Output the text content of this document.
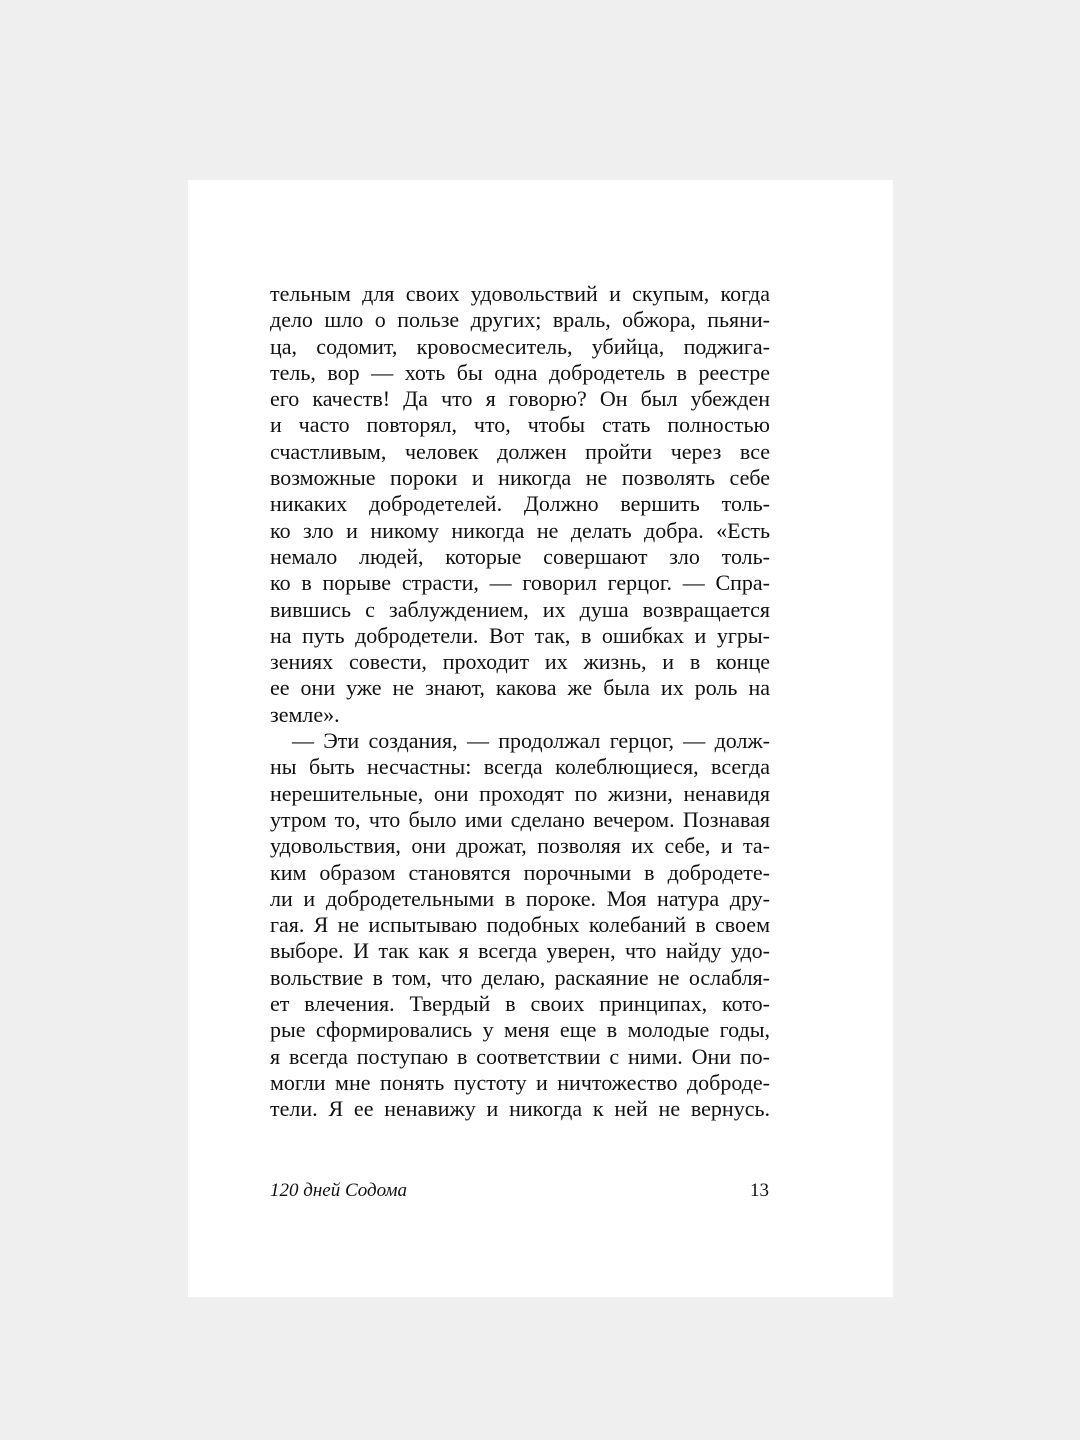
тельным для своих удовольствий и скупым, когда
дело шло о пользе других; враль, обжора, пьяни-
ца, содомит, кровосмеситель, убийца, поджига-
тель, вор — хоть бы одна добродетель в реестре
его качеств! Да что я говорю? Он был убежден
и часто повторял, что, чтобы стать полностью
счастливым, человек должен пройти через все
возможные пороки и никогда не позволять себе
никаких добродетелей. Должно вершить толь-
ко зло и никому никогда не делать добра. «Есть
немало людей, которые совершают зло толь-
ко в порыве страсти, — говорил герцог. — Спра-
вившись с заблуждением, их душа возвращается
на путь добродетели. Вот так, в ошибках и угры-
зениях совести, проходит их жизнь, и в конце
ее они уже не знают, какова же была их роль на
земле».
— Эти создания, — продолжал герцог, — долж-
ны быть несчастны: всегда колеблющиеся, всегда
нерешительные, они проходят по жизни, ненавидя
утром то, что было ими сделано вечером. Познавая
удовольствия, они дрожат, позволяя их себе, и та-
ким образом становятся порочными в добродете-
ли и добродетельными в пороке. Моя натура дру-
гая. Я не испытываю подобных колебаний в своем
выборе. И так как я всегда уверен, что найду удо-
вольствие в том, что делаю, раскаяние не ослабля-
ет влечения. Твердый в своих принципах, кото-
рые сформировались у меня еще в молодые годы,
я всегда поступаю в соответствии с ними. Они по-
могли мне понять пустоту и ничтожество доброде-
тели. Я ее ненавижу и никогда к ней не вернусь.
120 дней Содома	13
